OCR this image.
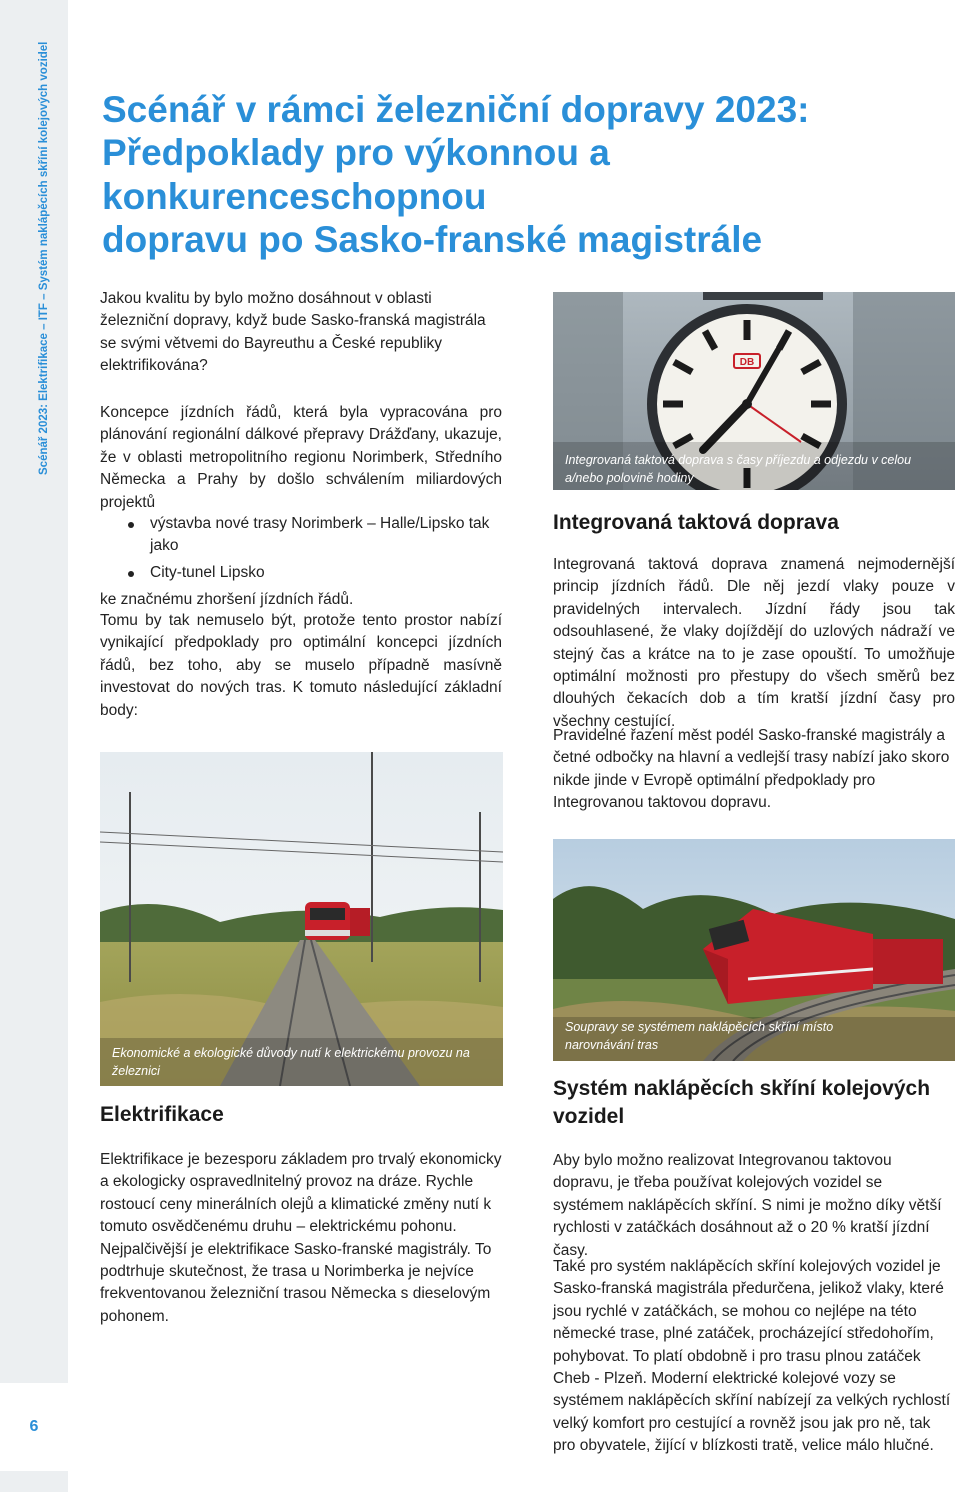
Scénář 2023: Elektrifikace – ITF – Systém naklápěcích skříní kolejových vozidel
6
Scénář v rámci železniční dopravy 2023:
Předpoklady pro výkonnou a konkurenceschopnou
dopravu po Sasko-franské magistrále

Jakou kvalitu by bylo možno dosáhnout v oblasti železniční dopravy, když bude Sasko-franská magistrála se svými větvemi do Bayreuthu a České republiky elektrifikována?

Koncepce jízdních řádů, která byla vypracována pro plánování regionální dálkové přepravy Drážďany, ukazuje, že v oblasti metropolitního regionu Norimberk, Středního Německa a Prahy by došlo schválením miliardových projektů

výstavba nové trasy Norimberk – Halle/Lipsko tak jako
City-tunel Lipsko

ke značnému zhoršení jízdních řádů.

Tomu by tak nemuselo být, protože tento prostor nabízí vynikající předpoklady pro optimální koncepci jízdních řádů, bez toho, aby se muselo případně masívně investovat do nových tras. K tomuto následující základní body:

DB
Integrovaná taktová doprava s časy příjezdu a odjezdu v celou a/nebo polovině hodiny
Integrovaná taktová doprava

Integrovaná taktová doprava znamená nejmodernější princip jízdních řádů. Dle něj jezdí vlaky pouze v pravidelných intervalech. Jízdní řády jsou tak odsouhlasené, že vlaky dojíždějí do uzlových nádraží ve stejný čas a krátce na to je zase opouští. To umožňuje optimální možnosti pro přestupy do všech směrů bez dlouhých čekacích dob a tím kratší jízdní časy pro všechny cestující.

Pravidelné řazení měst podél Sasko-franské magistrály a četné odbočky na hlavní a vedlejší trasy nabízí jako skoro nikde jinde v Evropě optimální předpoklady pro Integrovanou taktovou dopravu.

Ekonomické a ekologické důvody nutí k elektrickému provozu na železnici
Elektrifikace

Elektrifikace je bezesporu základem pro trvalý ekonomicky a ekologicky ospravedlnitelný provoz na dráze. Rychle rostoucí ceny minerálních olejů a klimatické změny nutí k tomuto osvědčenému druhu – elektrickému pohonu. Nejpalčivější je elektrifikace Sasko-franské magistrály. To podtrhuje skutečnost, že trasa u Norimberka je nejvíce frekventovanou železniční trasou Německa s dieselovým pohonem.

Soupravy se systémem naklápěcích skříní místo narovnávání tras
Systém naklápěcích skříní kolejových vozidel

Aby bylo možno realizovat Integrovanou taktovou dopravu, je třeba používat kolejových vozidel se systémem naklápěcích skříní. S nimi je možno díky větší rychlosti v zatáčkách dosáhnout až o 20 % kratší jízdní časy.

Také pro systém naklápěcích skříní kolejových vozidel je Sasko-franská magistrála předurčena, jelikož vlaky, které jsou rychlé v zatáčkách, se mohou co nejlépe na této německé trase, plné zatáček, procházející středohořím, pohybovat. To platí obdobně i pro trasu plnou zatáček Cheb - Plzeň. Moderní elektrické kolejové vozy se systémem naklápěcích skříní nabízejí za velkých rychlostí velký komfort pro cestující a rovněž jsou jak pro ně, tak pro obyvatele, žijící v blízkosti tratě, velice málo hlučné.
